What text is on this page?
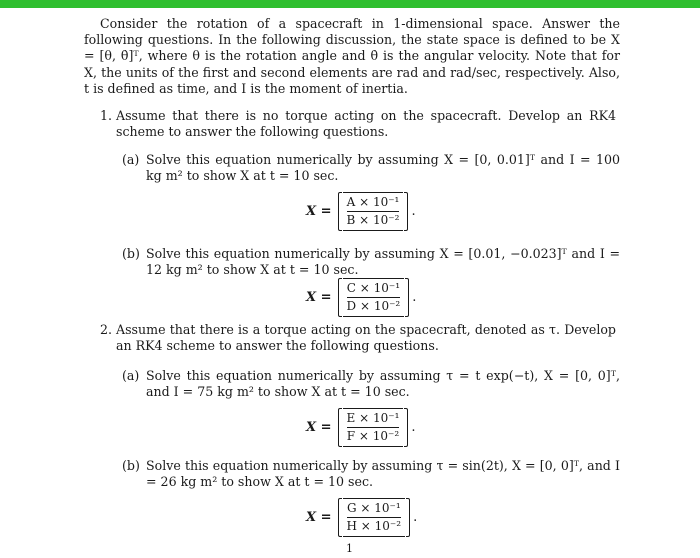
Consider the rotation of a spacecraft in 1-dimensional space. Answer the following questions. In the following discussion, the state space is defined to be X = [θ, θ̇]ᵀ, where θ is the rotation angle and θ̇ is the angular velocity. Note that for X, the units of the first and second elements are rad and rad/sec, respectively. Also, t is defined as time, and I is the moment of inertia.
1. Assume that there is no torque acting on the spacecraft. Develop an RK4 scheme to answer the following questions.
(a) Solve this equation numerically by assuming X = [0, 0.01]ᵀ and I = 100 kg m² to show X at t = 10 sec.
X =
A × 10⁻¹
B × 10⁻²
.
(b) Solve this equation numerically by assuming X = [0.01, −0.023]ᵀ and I = 12 kg m² to show X at t = 10 sec.
X =
C × 10⁻¹
D × 10⁻²
.
2. Assume that there is a torque acting on the spacecraft, denoted as τ. Develop an RK4 scheme to answer the following questions.
(a) Solve this equation numerically by assuming τ = t exp(−t), X = [0, 0]ᵀ, and I = 75 kg m² to show X at t = 10 sec.
X =
E × 10⁻¹
F × 10⁻²
.
(b) Solve this equation numerically by assuming τ = sin(2t), X = [0, 0]ᵀ, and I = 26 kg m² to show X at t = 10 sec.
X =
G × 10⁻¹
H × 10⁻²
.
1
